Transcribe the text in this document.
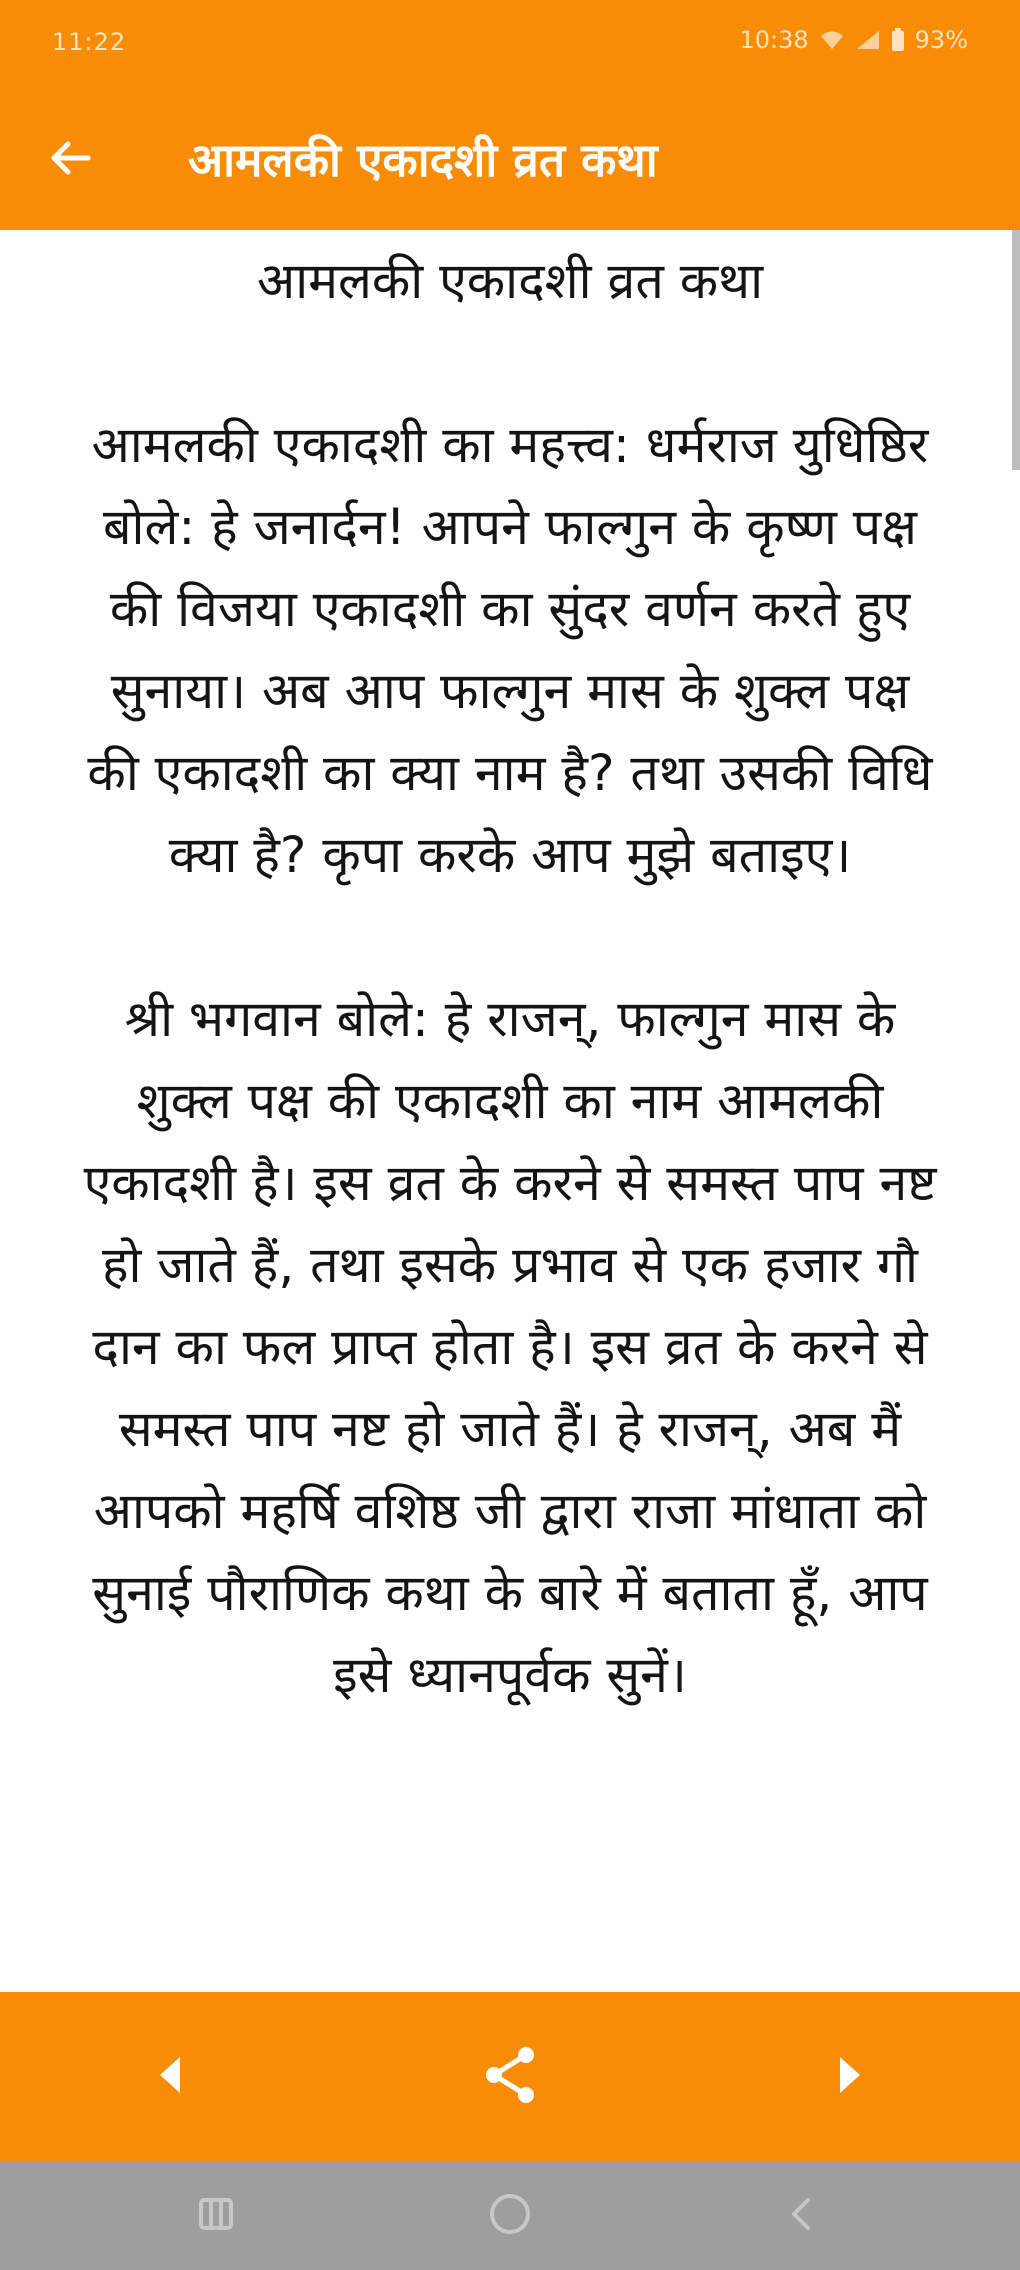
11:22	10:38	93%
आमलकी एकादशी व्रत कथा
आमलकी एकादशी व्रत कथा

आमलकी एकादशी का महत्त्व: धर्मराज युधिष्ठिर बोले: हे जनार्दन! आपने फाल्गुन के कृष्ण पक्ष की विजया एकादशी का सुंदर वर्णन करते हुए सुनाया। अब आप फाल्गुन मास के शुक्ल पक्ष की एकादशी का क्या नाम है? तथा उसकी विधि क्या है? कृपा करके आप मुझे बताइए।

श्री भगवान बोले: हे राजन्, फाल्गुन मास के शुक्ल पक्ष की एकादशी का नाम आमलकी एकादशी है। इस व्रत के करने से समस्त पाप नष्ट हो जाते हैं, तथा इसके प्रभाव से एक हजार गौ दान का फल प्राप्त होता है। इस व्रत के करने से समस्त पाप नष्ट हो जाते हैं। हे राजन्, अब मैं आपको महर्षि वशिष्ठ जी द्वारा राजा मांधाता को सुनाई पौराणिक कथा के बारे में बताता हूँ, आप इसे ध्यानपूर्वक सुनें।
